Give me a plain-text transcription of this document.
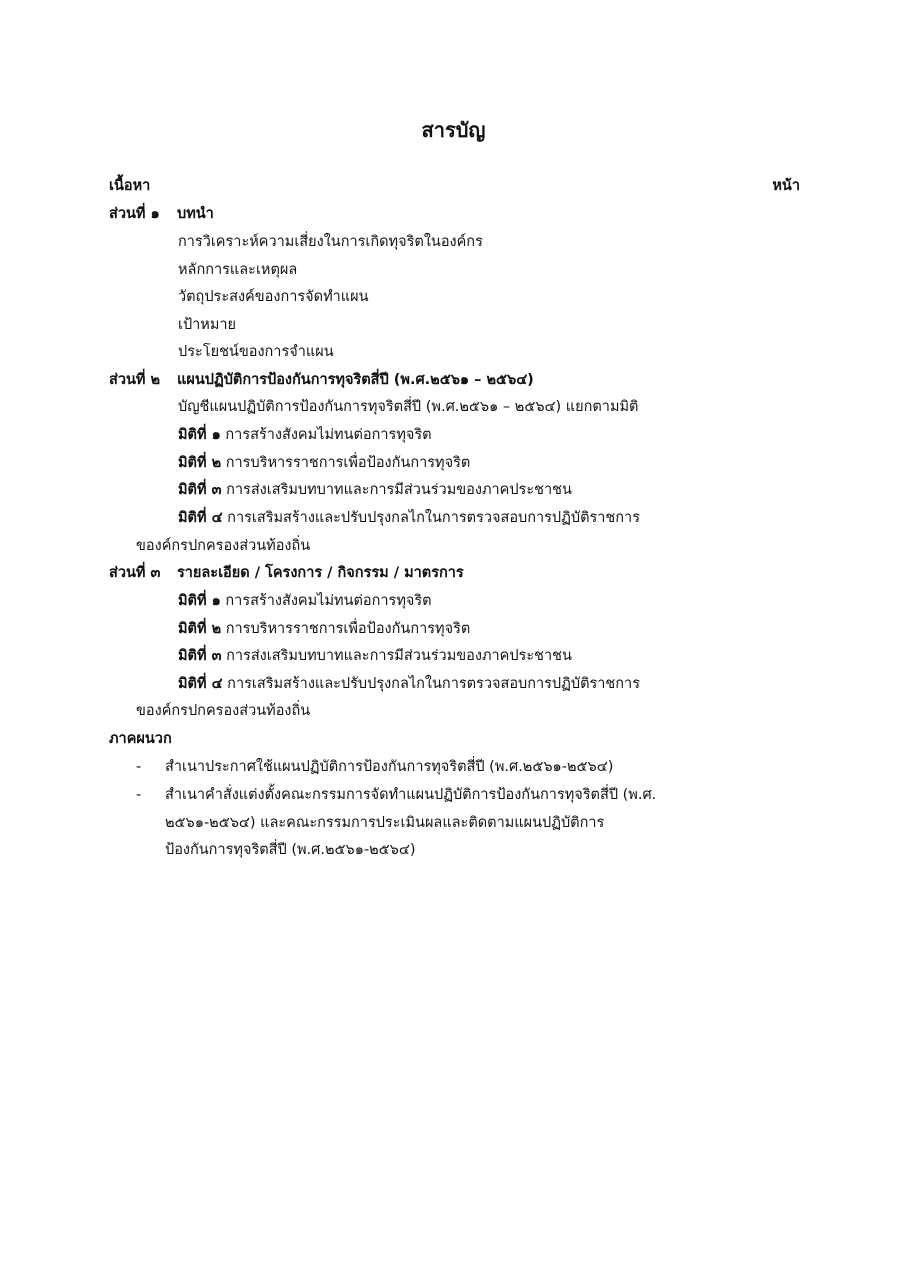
สารบัญ
เนื้อหา	หน้า
ส่วนที่ ๑ บทนำ
การวิเคราะห์ความเสี่ยงในการเกิดทุจริตในองค์กร
หลักการและเหตุผล
วัตถุประสงค์ของการจัดทำแผน
เป้าหมาย
ประโยชน์ของการจำแผน
ส่วนที่ ๒ แผนปฏิบัติการป้องกันการทุจริตสี่ปี (พ.ศ.๒๕๖๑ – ๒๕๖๔)
บัญชีแผนปฏิบัติการป้องกันการทุจริตสี่ปี (พ.ศ.๒๕๖๑ – ๒๕๖๔) แยกตามมิติ
มิติที่ ๑ การสร้างสังคมไม่ทนต่อการทุจริต
มิติที่ ๒ การบริหารราชการเพื่อป้องกันการทุจริต
มิติที่ ๓ การส่งเสริมบทบาทและการมีส่วนร่วมของภาคประชาชน
มิติที่ ๔ การเสริมสร้างและปรับปรุงกลไกในการตรวจสอบการปฏิบัติราชการ
ของค์กรปกครองส่วนท้องถิ่น
ส่วนที่ ๓ รายละเอียด / โครงการ / กิจกรรม / มาตรการ
มิติที่ ๑ การสร้างสังคมไม่ทนต่อการทุจริต
มิติที่ ๒ การบริหารราชการเพื่อป้องกันการทุจริต
มิติที่ ๓ การส่งเสริมบทบาทและการมีส่วนร่วมของภาคประชาชน
มิติที่ ๔ การเสริมสร้างและปรับปรุงกลไกในการตรวจสอบการปฏิบัติราชการ
ของค์กรปกครองส่วนท้องถิ่น
ภาคผนวก
- สำเนาประกาศใช้แผนปฏิบัติการป้องกันการทุจริตสี่ปี (พ.ศ.๒๕๖๑-๒๕๖๔)
- สำเนาคำสั่งแต่งตั้งคณะกรรมการจัดทำแผนปฏิบัติการป้องกันการทุจริตสี่ปี (พ.ศ.
๒๕๖๑-๒๕๖๔) และคณะกรรมการประเมินผลและติดตามแผนปฏิบัติการ
ป้องกันการทุจริตสี่ปี (พ.ศ.๒๕๖๑-๒๕๖๔)
